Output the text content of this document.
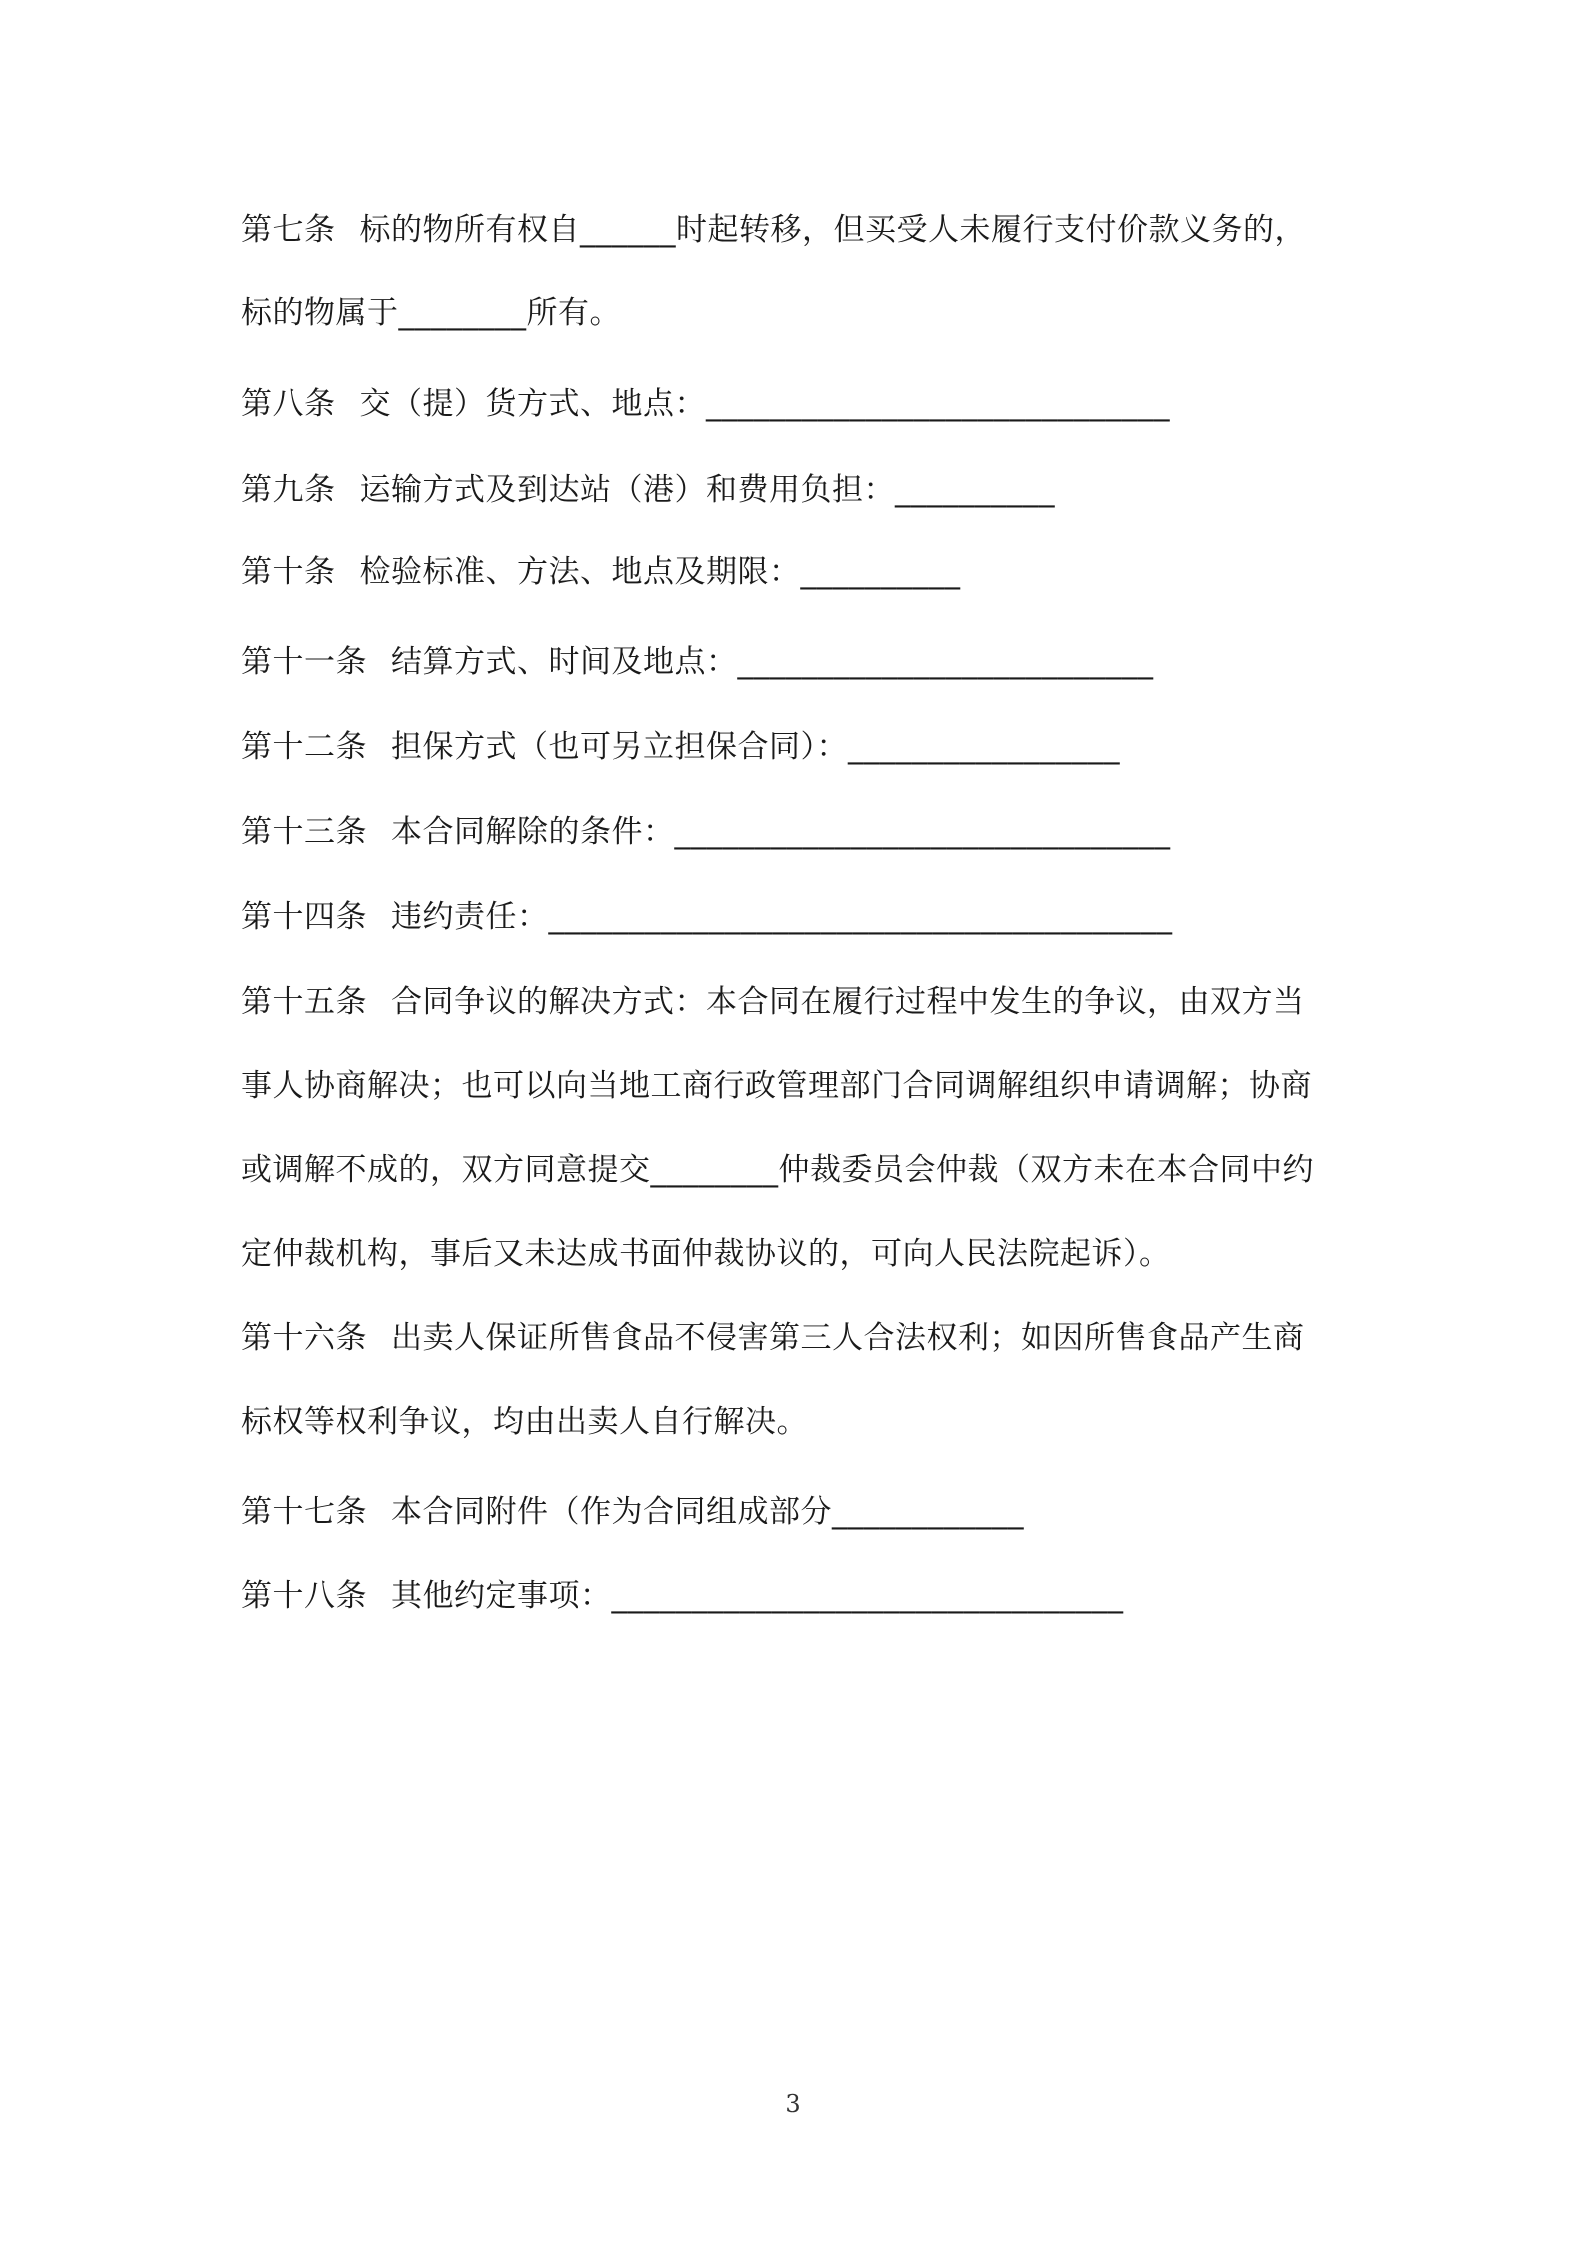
第七条 标的物所有权自______时起转移，但买受人未履行支付价款义务的，
标的物属于________所有。
第八条 交（提）货方式、地点：_____________________________
第九条 运输方式及到达站（港）和费用负担：__________
第十条 检验标准、方法、地点及期限：__________
第十一条 结算方式、时间及地点：__________________________
第十二条 担保方式（也可另立担保合同）：_________________
第十三条 本合同解除的条件：_______________________________
第十四条 违约责任：_______________________________________
第十五条 合同争议的解决方式：本合同在履行过程中发生的争议，由双方当
事人协商解决；也可以向当地工商行政管理部门合同调解组织申请调解；协商
或调解不成的，双方同意提交________仲裁委员会仲裁（双方未在本合同中约
定仲裁机构，事后又未达成书面仲裁协议的，可向人民法院起诉）。
第十六条 出卖人保证所售食品不侵害第三人合法权利；如因所售食品产生商
标权等权利争议，均由出卖人自行解决。
第十七条 本合同附件（作为合同组成部分____________
第十八条 其他约定事项：________________________________
3
